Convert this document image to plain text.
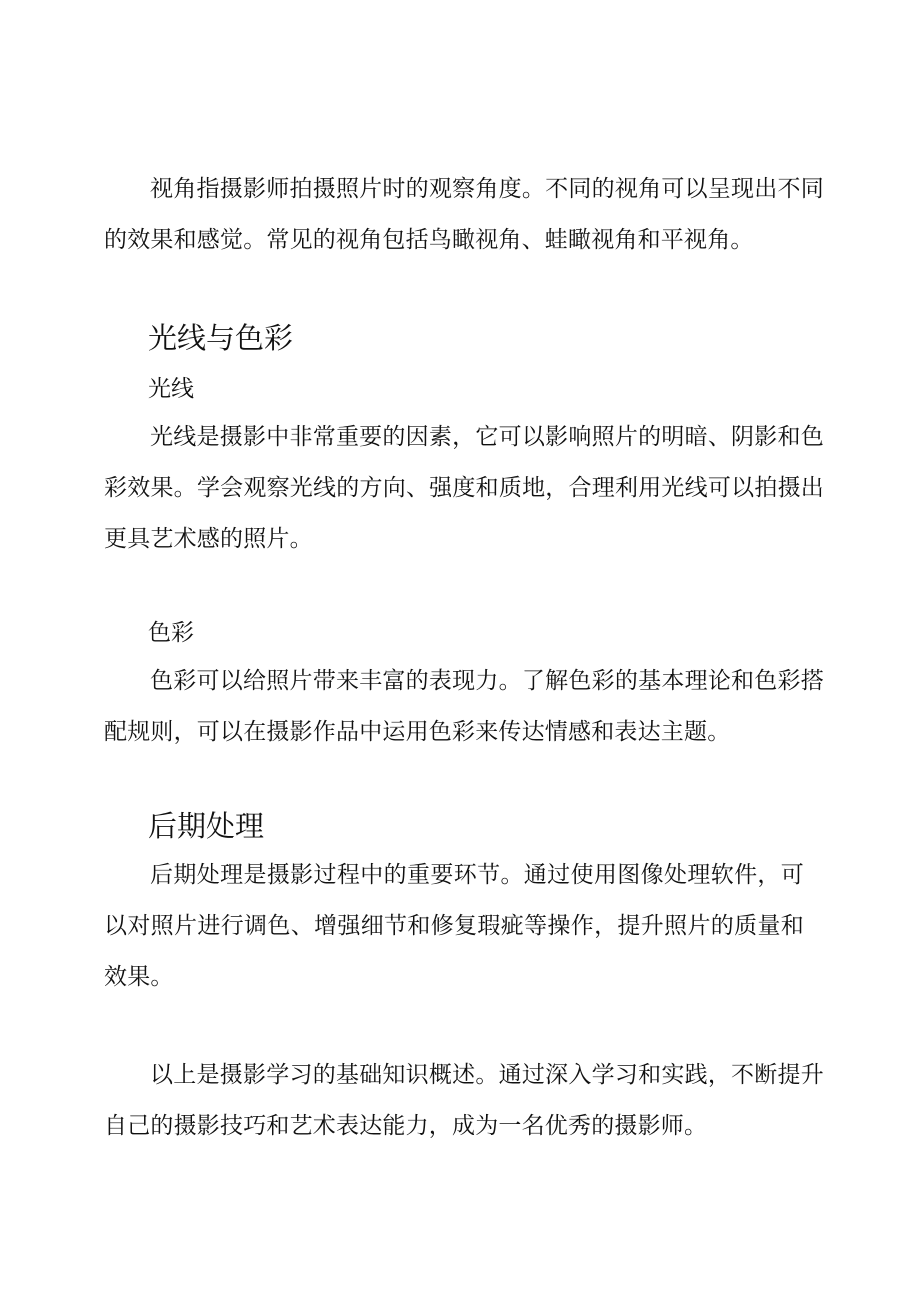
视角指摄影师拍摄照片时的观察角度。不同的视角可以呈现出不同的效果和感觉。常见的视角包括鸟瞰视角、蛙瞰视角和平视角。

光线与色彩
光线

光线是摄影中非常重要的因素，它可以影响照片的明暗、阴影和色彩效果。学会观察光线的方向、强度和质地，合理利用光线可以拍摄出更具艺术感的照片。

色彩

色彩可以给照片带来丰富的表现力。了解色彩的基本理论和色彩搭配规则，可以在摄影作品中运用色彩来传达情感和表达主题。

后期处理

后期处理是摄影过程中的重要环节。通过使用图像处理软件，可以对照片进行调色、增强细节和修复瑕疵等操作，提升照片的质量和效果。

以上是摄影学习的基础知识概述。通过深入学习和实践，不断提升自己的摄影技巧和艺术表达能力，成为一名优秀的摄影师。
